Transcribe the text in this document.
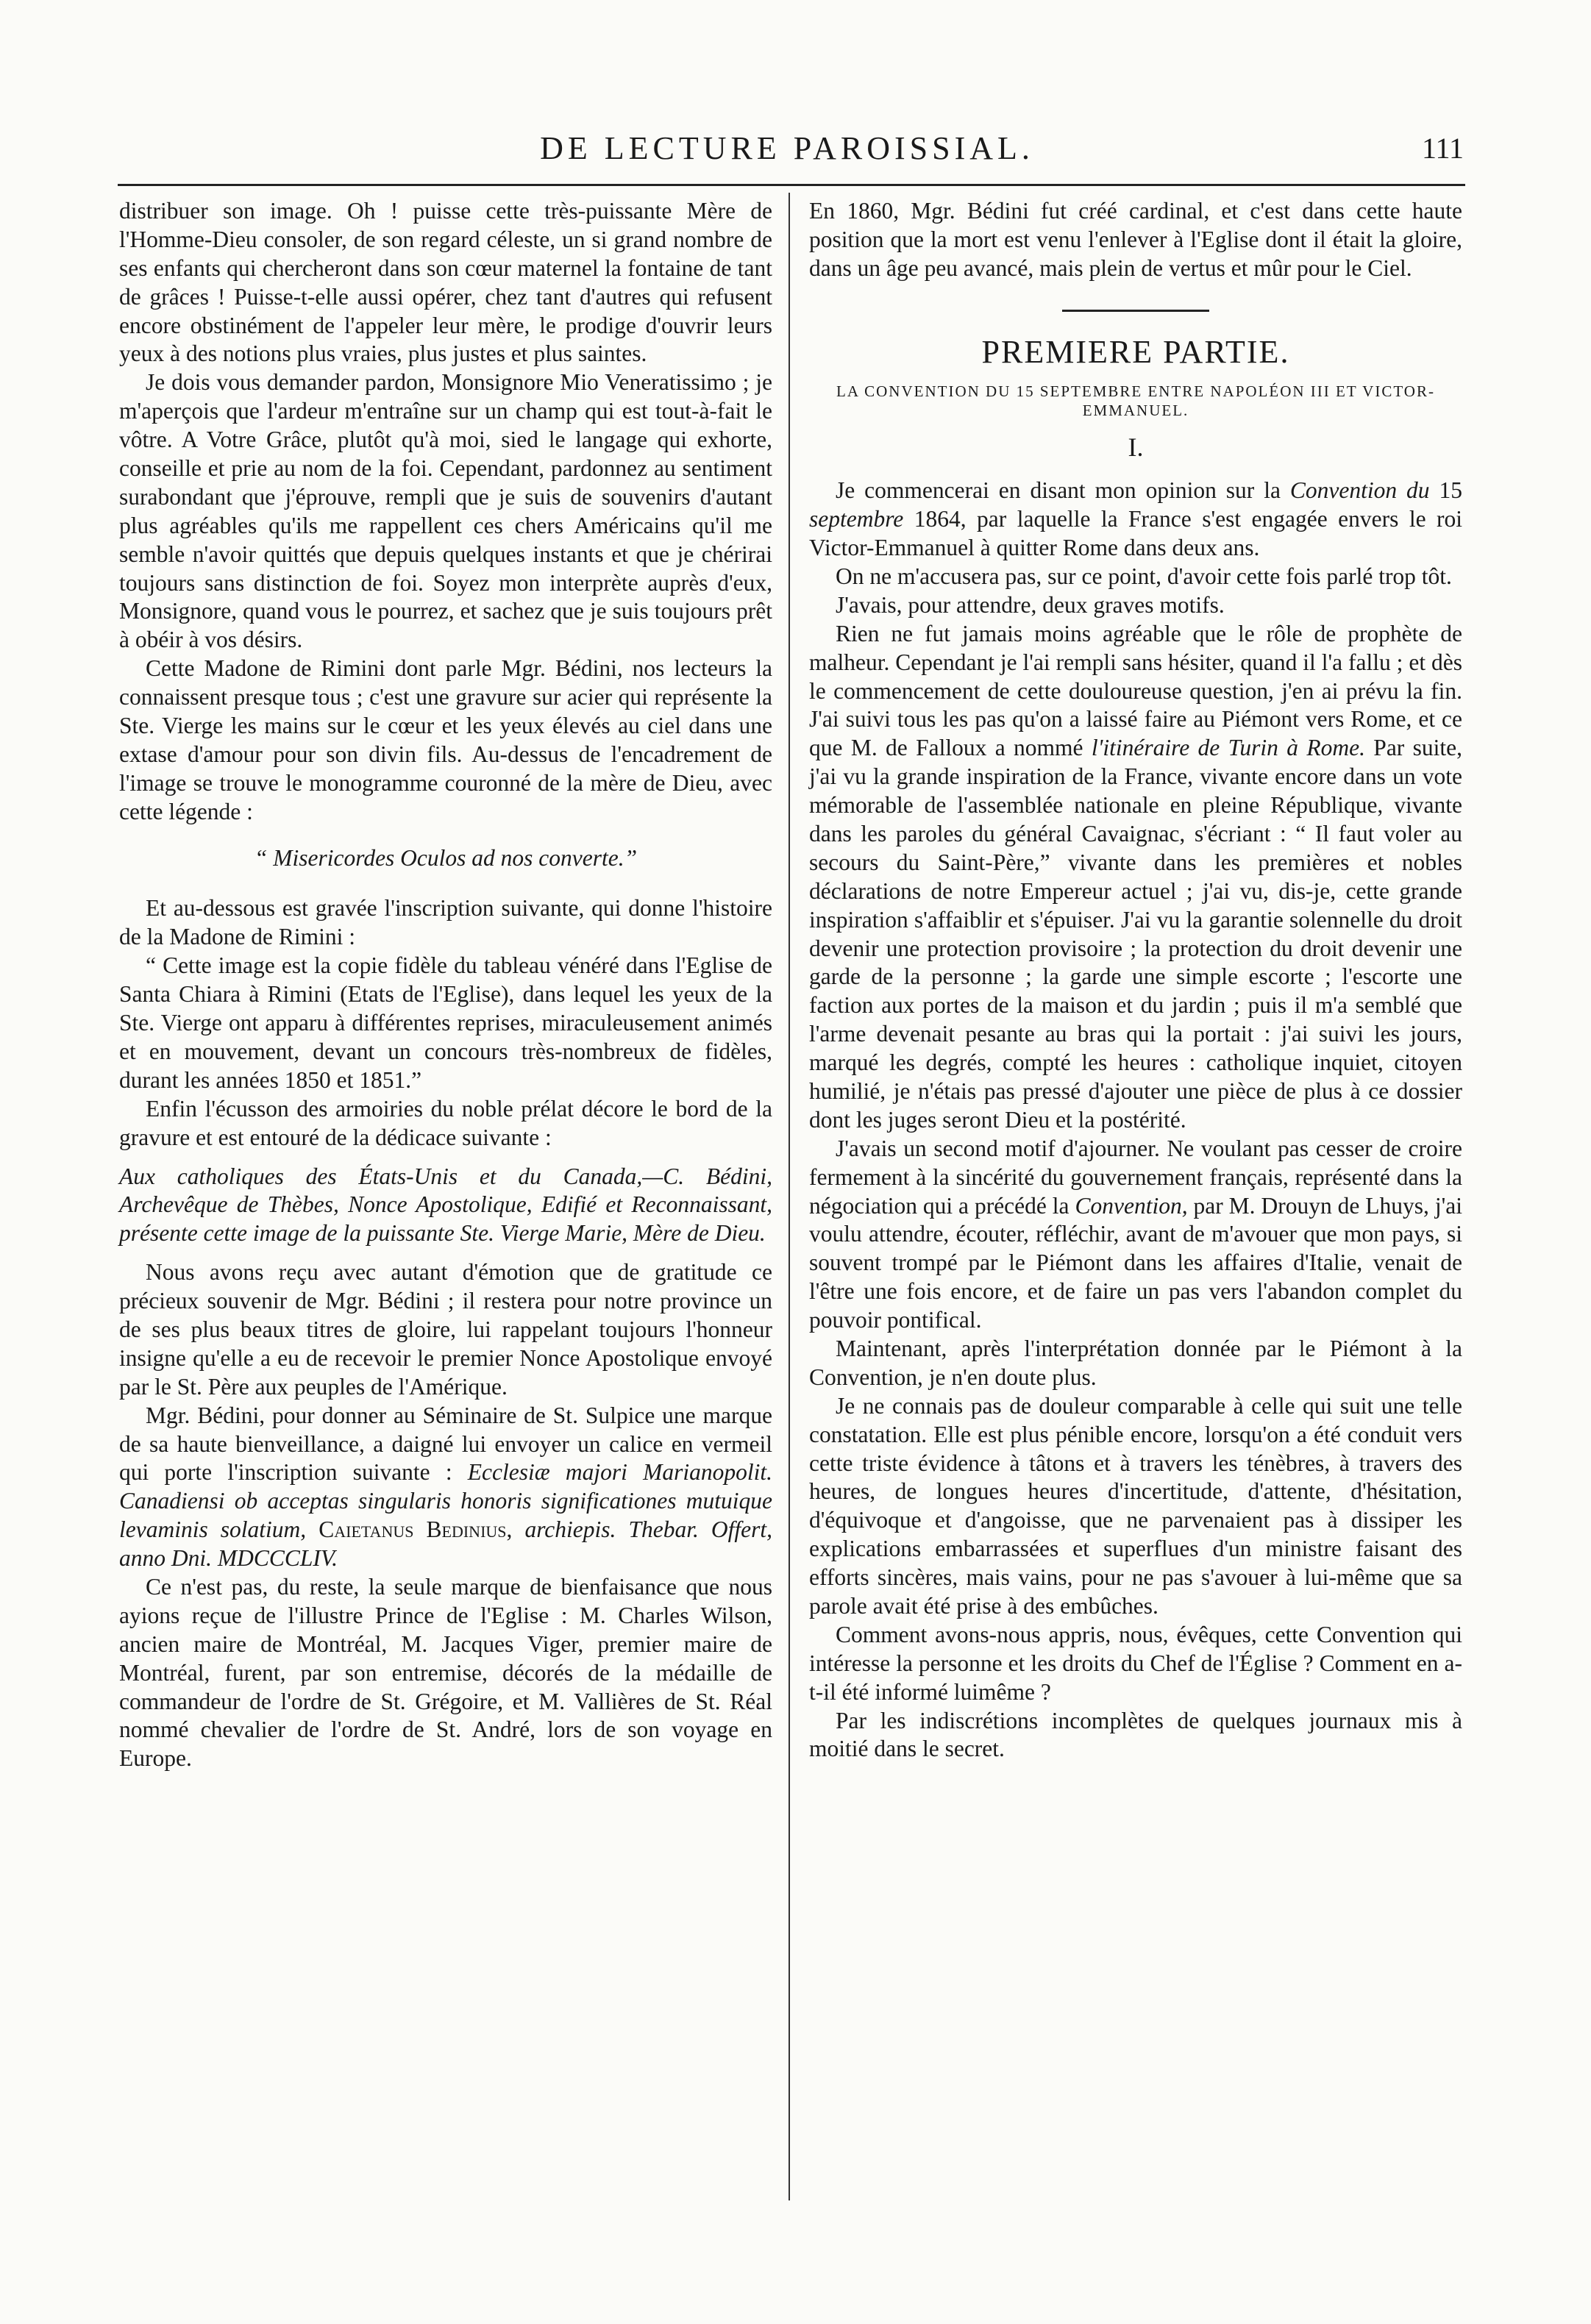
DE LECTURE PAROISSIAL.	111

distribuer son image. Oh ! puisse cette très-puissante Mère de l'Homme-Dieu consoler, de son regard céleste, un si grand nombre de ses enfants qui chercheront dans son cœur maternel la fontaine de tant de grâces ! Puisse-t-elle aussi opérer, chez tant d'autres qui refusent encore obstinément de l'appeler leur mère, le prodige d'ouvrir leurs yeux à des notions plus vraies, plus justes et plus saintes.

Je dois vous demander pardon, Monsignore Mio Veneratissimo ; je m'aperçois que l'ardeur m'entraîne sur un champ qui est tout-à-fait le vôtre. A Votre Grâce, plutôt qu'à moi, sied le langage qui exhorte, conseille et prie au nom de la foi. Cependant, pardonnez au sentiment surabondant que j'éprouve, rempli que je suis de souvenirs d'autant plus agréables qu'ils me rappellent ces chers Américains qu'il me semble n'avoir quittés que depuis quelques instants et que je chérirai toujours sans distinction de foi. Soyez mon interprète auprès d'eux, Monsignore, quand vous le pourrez, et sachez que je suis toujours prêt à obéir à vos désirs.

Cette Madone de Rimini dont parle Mgr. Bédini, nos lecteurs la connaissent presque tous ; c'est une gravure sur acier qui représente la Ste. Vierge les mains sur le cœur et les yeux élevés au ciel dans une extase d'amour pour son divin fils. Au-dessus de l'encadrement de l'image se trouve le monogramme couronné de la mère de Dieu, avec cette légende :

“ Misericordes Oculos ad nos converte.”

Et au-dessous est gravée l'inscription suivante, qui donne l'histoire de la Madone de Rimini :

“ Cette image est la copie fidèle du tableau vénéré dans l'Eglise de Santa Chiara à Rimini (Etats de l'Eglise), dans lequel les yeux de la Ste. Vierge ont apparu à différentes reprises, miraculeusement animés et en mouvement, devant un concours très-nombreux de fidèles, durant les années 1850 et 1851.”

Enfin l'écusson des armoiries du noble prélat décore le bord de la gravure et est entouré de la dédicace suivante :

Aux catholiques des États-Unis et du Canada,—C. Bédini, Archevêque de Thèbes, Nonce Apostolique, Edifié et Reconnaissant, présente cette image de la puissante Ste. Vierge Marie, Mère de Dieu.

Nous avons reçu avec autant d'émotion que de gratitude ce précieux souvenir de Mgr. Bédini ; il restera pour notre province un de ses plus beaux titres de gloire, lui rappelant toujours l'honneur insigne qu'elle a eu de recevoir le premier Nonce Apostolique envoyé par le St. Père aux peuples de l'Amérique.

Mgr. Bédini, pour donner au Séminaire de St. Sulpice une marque de sa haute bienveillance, a daigné lui envoyer un calice en vermeil qui porte l'inscription suivante : Ecclesiæ majori Marianopolit. Canadiensi ob acceptas singularis honoris significationes mutuique levaminis solatium, Caietanus Bedinius, archiepis. Thebar. Offert, anno Dni. MDCCCLIV.

Ce n'est pas, du reste, la seule marque de bienfaisance que nous ayions reçue de l'illustre Prince de l'Eglise : M. Charles Wilson, ancien maire de Montréal, M. Jacques Viger, premier maire de Montréal, furent, par son entremise, décorés de la médaille de commandeur de l'ordre de St. Grégoire, et M. Vallières de St. Réal nommé chevalier de l'ordre de St. André, lors de son voyage en Europe.

En 1860, Mgr. Bédini fut créé cardinal, et c'est dans cette haute position que la mort est venu l'enlever à l'Eglise dont il était la gloire, dans un âge peu avancé, mais plein de vertus et mûr pour le Ciel.

PREMIERE PARTIE.
LA CONVENTION DU 15 SEPTEMBRE ENTRE NAPOLÉON III ET VICTOR-EMMANUEL.
I.

Je commencerai en disant mon opinion sur la Convention du 15 septembre 1864, par laquelle la France s'est engagée envers le roi Victor-Emmanuel à quitter Rome dans deux ans.

On ne m'accusera pas, sur ce point, d'avoir cette fois parlé trop tôt.

J'avais, pour attendre, deux graves motifs.

Rien ne fut jamais moins agréable que le rôle de prophète de malheur. Cependant je l'ai rempli sans hésiter, quand il l'a fallu ; et dès le commencement de cette douloureuse question, j'en ai prévu la fin. J'ai suivi tous les pas qu'on a laissé faire au Piémont vers Rome, et ce que M. de Falloux a nommé l'itinéraire de Turin à Rome. Par suite, j'ai vu la grande inspiration de la France, vivante encore dans un vote mémorable de l'assemblée nationale en pleine République, vivante dans les paroles du général Cavaignac, s'écriant : “ Il faut voler au secours du Saint-Père,” vivante dans les premières et nobles déclarations de notre Empereur actuel ; j'ai vu, dis-je, cette grande inspiration s'affaiblir et s'épuiser. J'ai vu la garantie solennelle du droit devenir une protection provisoire ; la protection du droit devenir une garde de la personne ; la garde une simple escorte ; l'escorte une faction aux portes de la maison et du jardin ; puis il m'a semblé que l'arme devenait pesante au bras qui la portait : j'ai suivi les jours, marqué les degrés, compté les heures : catholique inquiet, citoyen humilié, je n'étais pas pressé d'ajouter une pièce de plus à ce dossier dont les juges seront Dieu et la postérité.

J'avais un second motif d'ajourner. Ne voulant pas cesser de croire fermement à la sincérité du gouvernement français, représenté dans la négociation qui a précédé la Convention, par M. Drouyn de Lhuys, j'ai voulu attendre, écouter, réfléchir, avant de m'avouer que mon pays, si souvent trompé par le Piémont dans les affaires d'Italie, venait de l'être une fois encore, et de faire un pas vers l'abandon complet du pouvoir pontifical.

Maintenant, après l'interprétation donnée par le Piémont à la Convention, je n'en doute plus.

Je ne connais pas de douleur comparable à celle qui suit une telle constatation. Elle est plus pénible encore, lorsqu'on a été conduit vers cette triste évidence à tâtons et à travers les ténèbres, à travers des heures, de longues heures d'incertitude, d'attente, d'hésitation, d'équivoque et d'angoisse, que ne parvenaient pas à dissiper les explications embarrassées et superflues d'un ministre faisant des efforts sincères, mais vains, pour ne pas s'avouer à lui-même que sa parole avait été prise à des embûches.

Comment avons-nous appris, nous, évêques, cette Convention qui intéresse la personne et les droits du Chef de l'Église ? Comment en a-t-il été informé luimême ?

Par les indiscrétions incomplètes de quelques journaux mis à moitié dans le secret.
